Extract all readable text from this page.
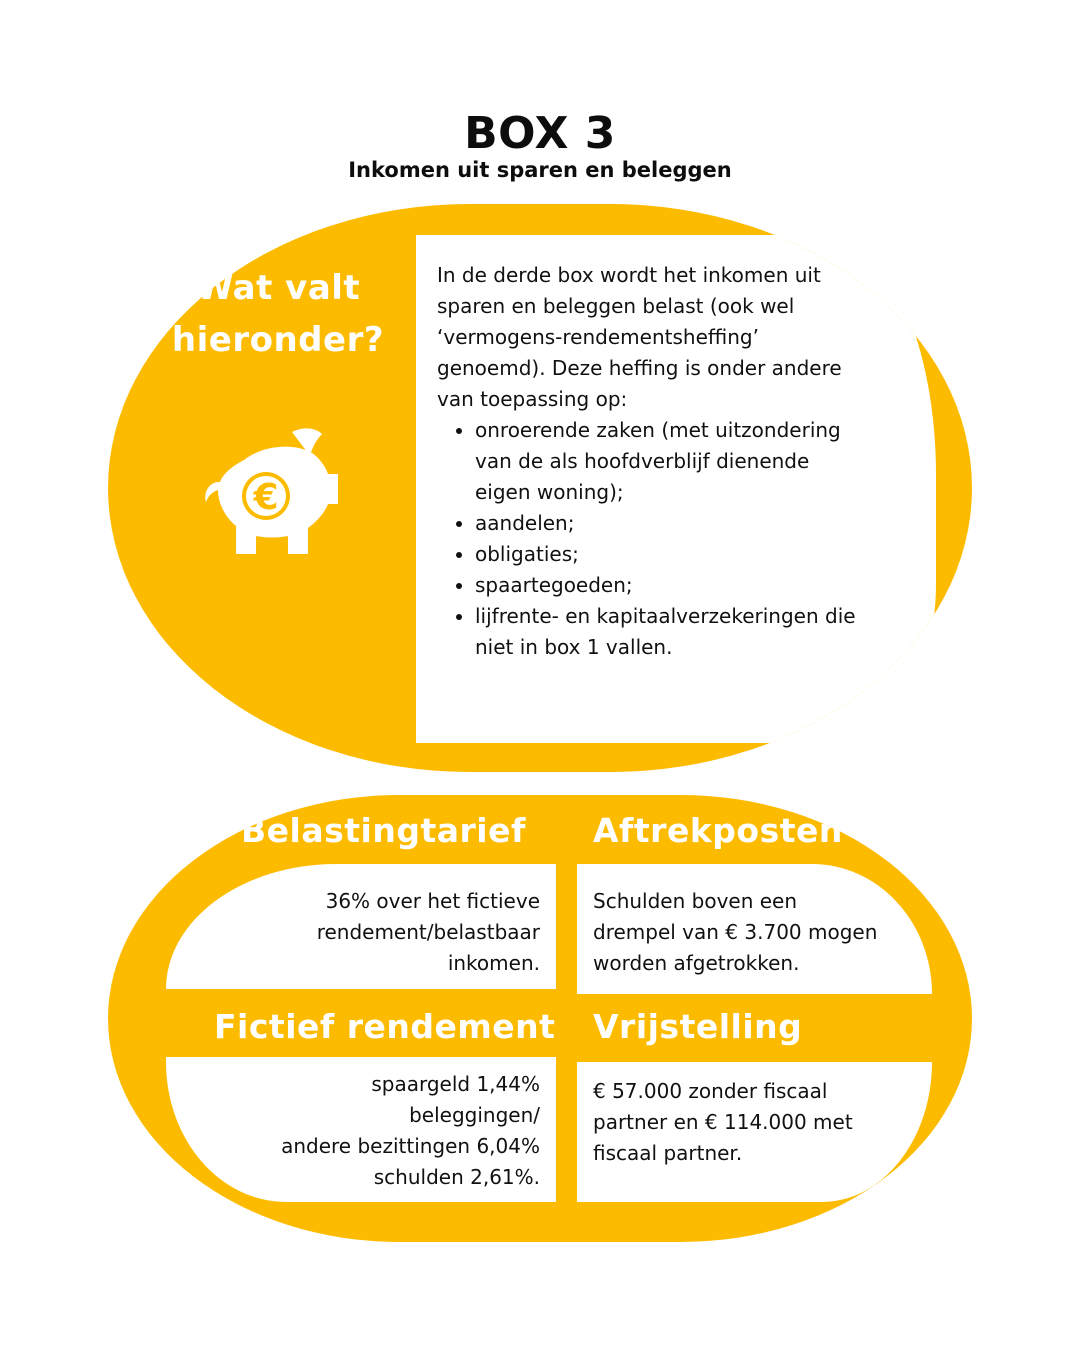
BOX 3
Inkomen uit sparen en beleggen
Wat valt
hieronder?
€

In de derde box wordt het inkomen uit
sparen en beleggen belast (ook wel
‘vermogens-rendementsheffing’
genoemd). Deze heffing is onder andere
van toepassing op:

• onroerende zaken (met uitzondering
van de als hoofdverblijf dienende
eigen woning);
• aandelen;
• obligaties;
• spaartegoeden;
• lijfrente- en kapitaalverzekeringen die
niet in box 1 vallen.
Belastingtarief Aftrekposten
36% over het fictieve
rendement/belastbaar
inkomen.
Schulden boven een
drempel van € 3.700 mogen
worden afgetrokken.
Fictief rendement Vrijstelling
spaargeld 1,44%
beleggingen/
andere bezittingen 6,04%
schulden 2,61%.
€ 57.000 zonder fiscaal
partner en € 114.000 met
fiscaal partner.
